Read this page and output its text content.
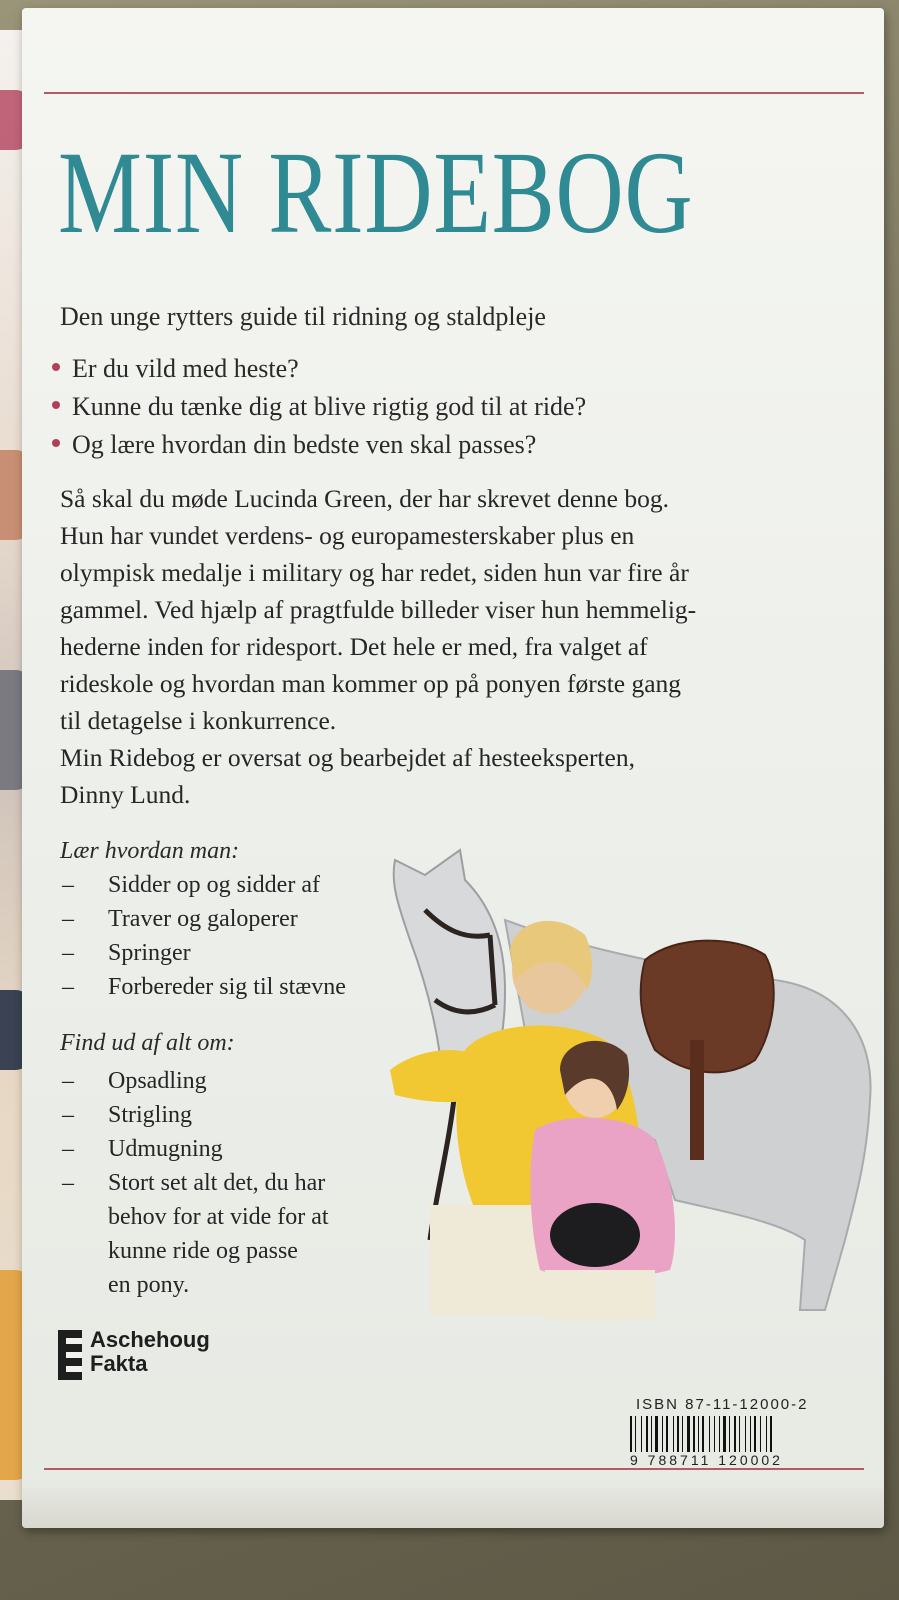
MIN RIDEBOG
Den unge rytters guide til ridning og staldpleje
Er du vild med heste?
Kunne du tænke dig at blive rigtig god til at ride?
Og lære hvordan din bedste ven skal passes?
Så skal du møde Lucinda Green, der har skrevet denne bog.
Hun har vundet verdens- og europamesterskaber plus en
olympisk medalje i military og har redet, siden hun var fire år
gammel. Ved hjælp af pragtfulde billeder viser hun hemmelig-
hederne inden for ridesport. Det hele er med, fra valget af
rideskole og hvordan man kommer op på ponyen første gang
til detagelse i konkurrence.
Min Ridebog er oversat og bearbejdet af hesteeksperten,
Dinny Lund.
Lær hvordan man:
– Sidder op og sidder af
– Traver og galoperer
– Springer
– Forbereder sig til stævne
Find ud af alt om:
– Opsadling
– Strigling
– Udmugning
– Stort set alt det, du har
behov for at vide for at
kunne ride og passe
en pony.
Aschehoug
Fakta
ISBN 87-11-12000-2
9 788711 120002
